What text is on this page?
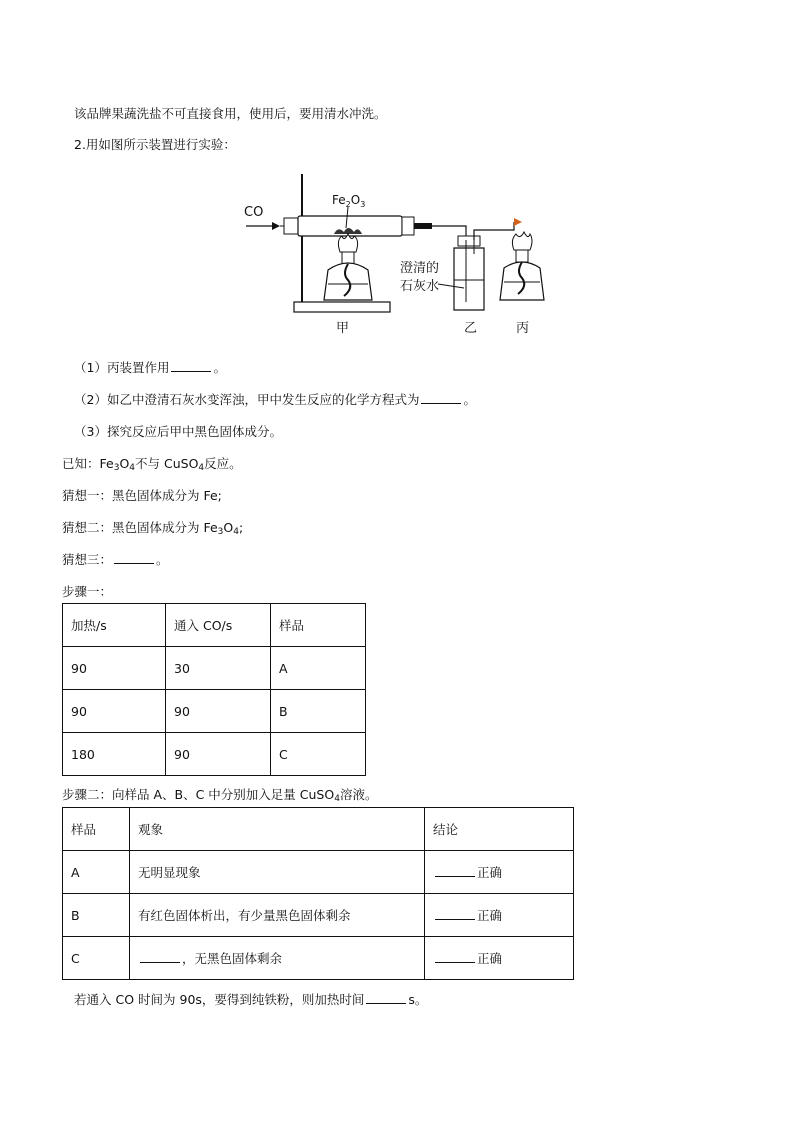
该品牌果蔬洗盐不可直接食用，使用后，要用清水冲洗。
2.用如图所示装置进行实验：
CO
$Fe_2O_3$
澄清的
石灰水
甲	乙	丙
（1）丙装置作用	。
（2）如乙中澄清石灰水变浑浊，甲中发生反应的化学方程式为	。
（3）探究反应后甲中黑色固体成分。
已知：$Fe_3O_4$不与 CuSO$_4$反应。
猜想一：黑色固体成分为 Fe;
猜想二：黑色固体成分为 $Fe_3O_4$;
猜想三：	。
步骤一：
加热/s	通入 CO/s	样品
90	30	A
90	90	B
180	90	C
步骤二：向样品 A、B、C 中分别加入足量 CuSO$_4$溶液。
样品	观象	结论
A	无明显现象	正确
B	有红色固体析出，有少量黑色固体剩余	正确
C	，无黑色固体剩余	正确
若通入 CO 时间为 90s，要得到纯铁粉，则加热时间	s。
